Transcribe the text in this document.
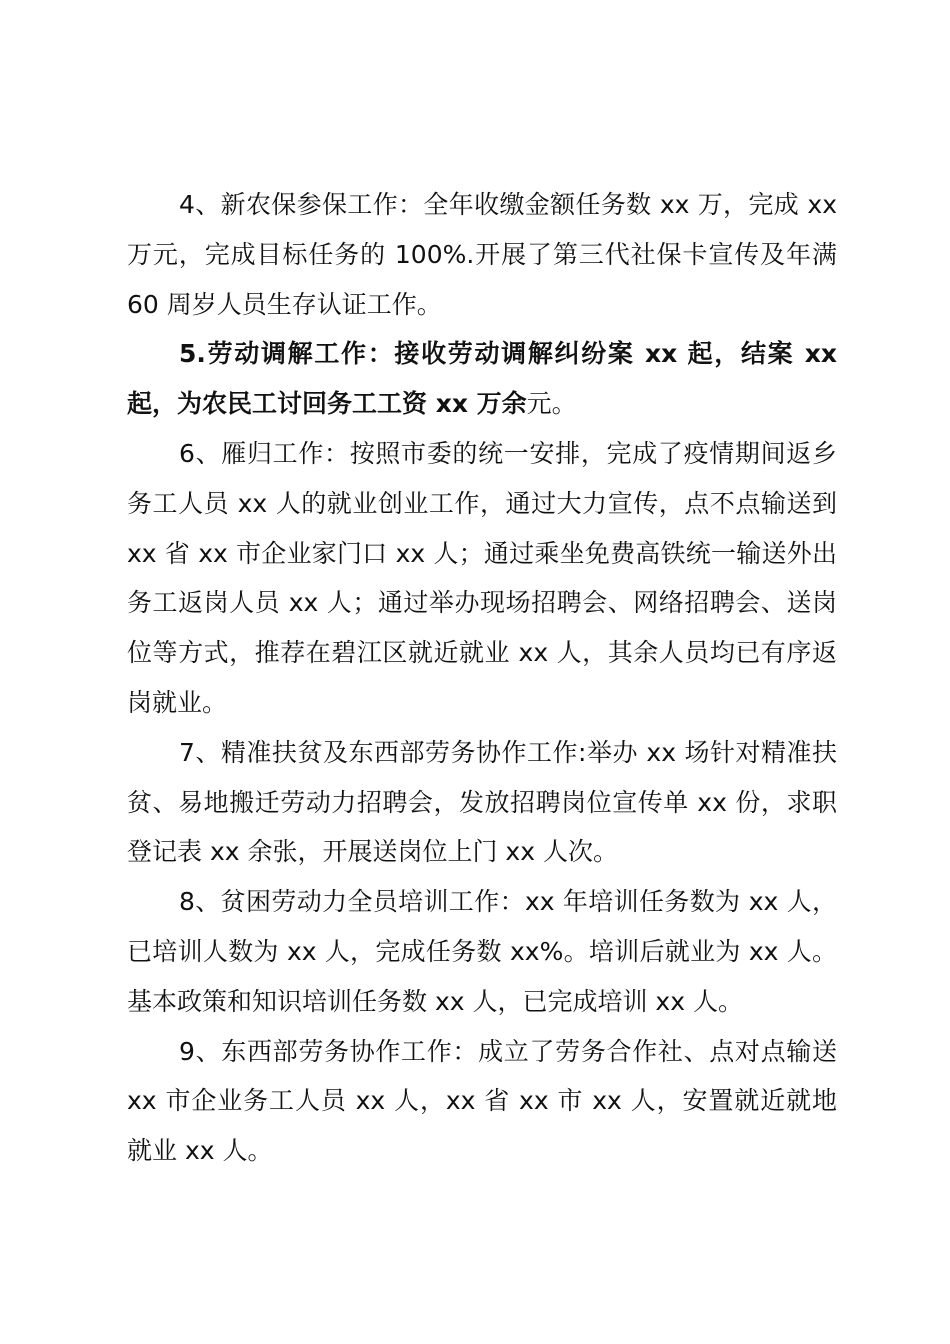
4、新农保参保工作：全年收缴金额任务数 xx 万，完成 xx 万元，完成目标任务的 100%.开展了第三代社保卡宣传及年满 60 周岁人员生存认证工作。

5.劳动调解工作：接收劳动调解纠纷案 xx 起，结案 xx 起，为农民工讨回务工工资 xx 万余元。

6、雁归工作：按照市委的统一安排，完成了疫情期间返乡务工人员 xx 人的就业创业工作，通过大力宣传，点不点输送到 xx 省 xx 市企业家门口 xx 人；通过乘坐免费高铁统一输送外出务工返岗人员 xx 人；通过举办现场招聘会、网络招聘会、送岗位等方式，推荐在碧江区就近就业 xx 人，其余人员均已有序返岗就业。

7、精准扶贫及东西部劳务协作工作:举办 xx 场针对精准扶贫、易地搬迁劳动力招聘会，发放招聘岗位宣传单 xx 份，求职登记表 xx 余张，开展送岗位上门 xx 人次。

8、贫困劳动力全员培训工作：xx 年培训任务数为 xx 人，已培训人数为 xx 人，完成任务数 xx%。培训后就业为 xx 人。基本政策和知识培训任务数 xx 人，已完成培训 xx 人。

9、东西部劳务协作工作：成立了劳务合作社、点对点输送 xx 市企业务工人员 xx 人，xx 省 xx 市 xx 人，安置就近就地就业 xx 人。
